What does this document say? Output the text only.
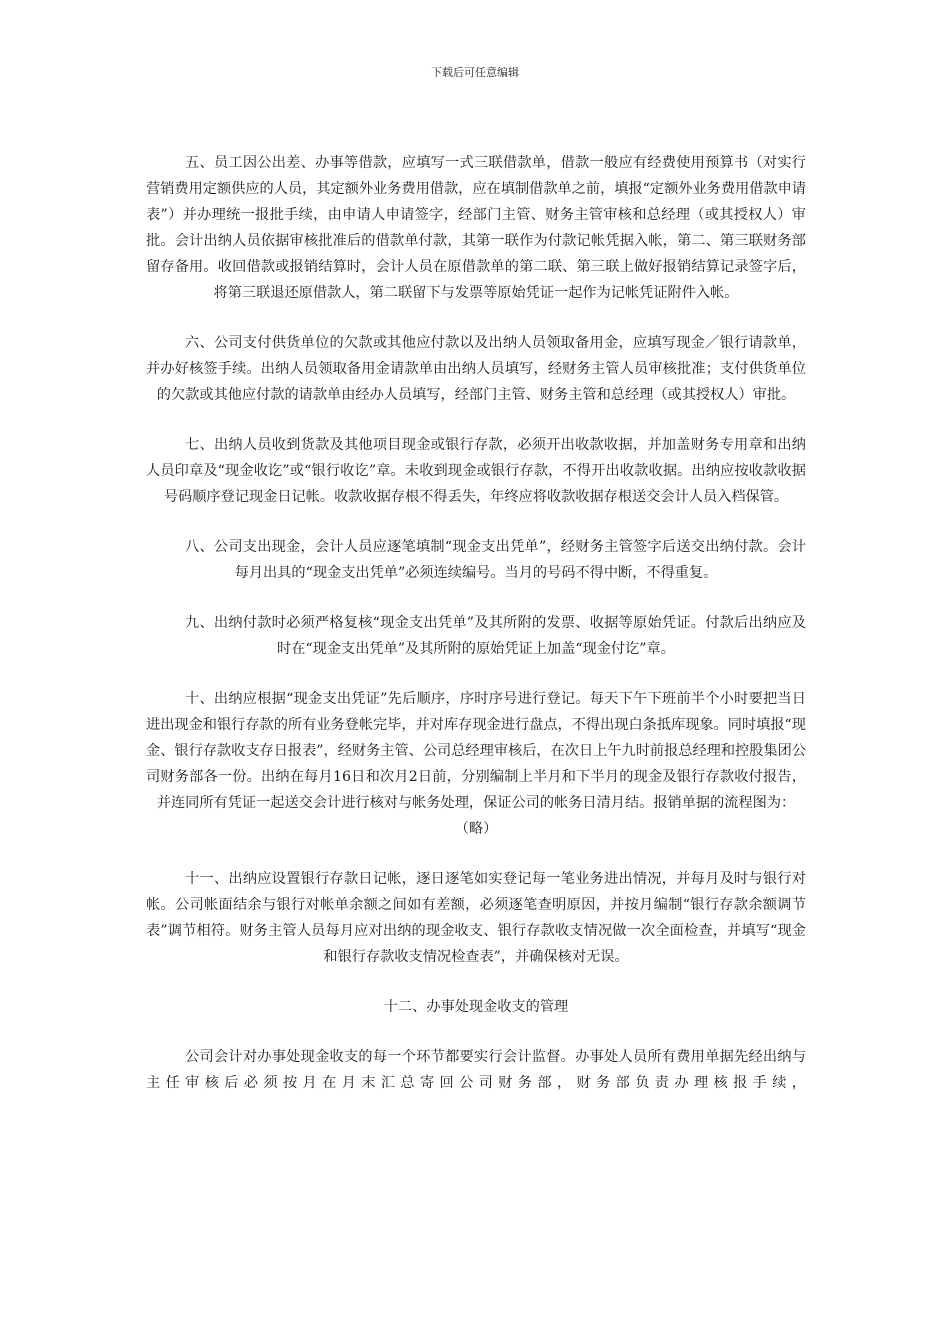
下载后可任意编辑

五、员工因公出差、办事等借款，应填写一式三联借款单，借款一般应有经费使用预算书（对实行营销费用定额供应的人员，其定额外业务费用借款，应在填制借款单之前，填报“定额外业务费用借款申请表”）并办理统一报批手续，由申请人申请签字，经部门主管、财务主管审核和总经理（或其授权人）审批。会计出纳人员依据审核批准后的借款单付款，其第一联作为付款记帐凭据入帐，第二、第三联财务部留存备用。收回借款或报销结算时，会计人员在原借款单的第二联、第三联上做好报销结算记录签字后，将第三联退还原借款人，第二联留下与发票等原始凭证一起作为记帐凭证附件入帐。

六、公司支付供货单位的欠款或其他应付款以及出纳人员领取备用金，应填写现金／银行请款单，并办好核签手续。出纳人员领取备用金请款单由出纳人员填写，经财务主管人员审核批准；支付供货单位的欠款或其他应付款的请款单由经办人员填写，经部门主管、财务主管和总经理（或其授权人）审批。

七、出纳人员收到货款及其他项目现金或银行存款，必须开出收款收据，并加盖财务专用章和出纳人员印章及“现金收讫”或“银行收讫”章。未收到现金或银行存款，不得开出收款收据。出纳应按收款收据号码顺序登记现金日记帐。收款收据存根不得丢失，年终应将收款收据存根送交会计人员入档保管。

八、公司支出现金，会计人员应逐笔填制“现金支出凭单”，经财务主管签字后送交出纳付款。会计每月出具的“现金支出凭单”必须连续编号。当月的号码不得中断，不得重复。

九、出纳付款时必须严格复核“现金支出凭单”及其所附的发票、收据等原始凭证。付款后出纳应及时在“现金支出凭单”及其所附的原始凭证上加盖“现金付讫”章。

十、出纳应根据“现金支出凭证”先后顺序，序时序号进行登记。每天下午下班前半个小时要把当日进出现金和银行存款的所有业务登帐完毕，并对库存现金进行盘点，不得出现白条抵库现象。同时填报“现金、银行存款收支存日报表”，经财务主管、公司总经理审核后，在次日上午九时前报总经理和控股集团公司财务部各一份。出纳在每月16日和次月2日前，分别编制上半月和下半月的现金及银行存款收付报告，并连同所有凭证一起送交会计进行核对与帐务处理，保证公司的帐务日清月结。报销单据的流程图为：
（略）

十一、出纳应设置银行存款日记帐，逐日逐笔如实登记每一笔业务进出情况，并每月及时与银行对帐。公司帐面结余与银行对帐单余额之间如有差额，必须逐笔查明原因，并按月编制“银行存款余额调节表”调节相符。财务主管人员每月应对出纳的现金收支、银行存款收支情况做一次全面检查，并填写“现金和银行存款收支情况检查表”，并确保核对无误。

十二、办事处现金收支的管理

公司会计对办事处现金收支的每一个环节都要实行会计监督。办事处人员所有费用单据先经出纳与主任审核后必须按月在月末汇总寄回公司财务部，财务部负责办理核报手续，
